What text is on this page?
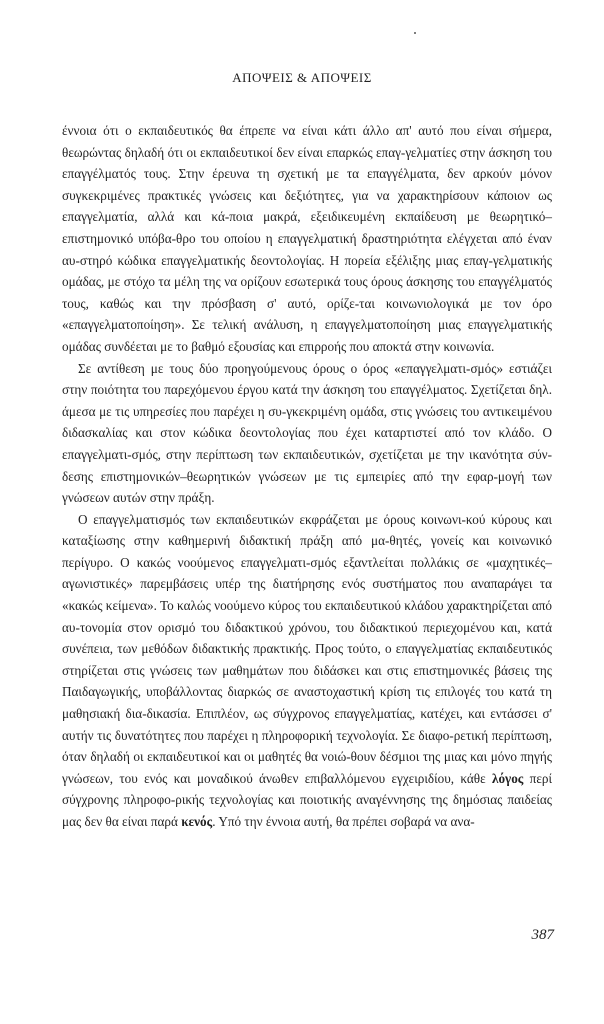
ΑΠΟΨΕΙΣ & ΑΠΟΨΕΙΣ

έννοια ότι ο εκπαιδευτικός θα έπρεπε να είναι κάτι άλλο απ' αυτό που είναι σήμερα, θεωρώντας δηλαδή ότι οι εκπαιδευτικοί δεν είναι επαρκώς επαγ-γελματίες στην άσκηση του επαγγέλματός τους. Στην έρευνα τη σχετική με τα επαγγέλματα, δεν αρκούν μόνον συγκεκριμένες πρακτικές γνώσεις και δεξιότητες, για να χαρακτηρίσουν κάποιον ως επαγγελματία, αλλά και κά-ποια μακρά, εξειδικευμένη εκπαίδευση με θεωρητικό–επιστημονικό υπόβα-θρο του οποίου η επαγγελματική δραστηριότητα ελέγχεται από έναν αυ-στηρό κώδικα επαγγελματικής δεοντολογίας. Η πορεία εξέλιξης μιας επαγ-γελματικής ομάδας, με στόχο τα μέλη της να ορίζουν εσωτερικά τους όρους άσκησης του επαγγέλματός τους, καθώς και την πρόσβαση σ' αυτό, ορίζε-ται κοινωνιολογικά με τον όρο «επαγγελματοποίηση». Σε τελική ανάλυση, η επαγγελματοποίηση μιας επαγγελματικής ομάδας συνδέεται με το βαθμό εξουσίας και επιρροής που αποκτά στην κοινωνία.

Σε αντίθεση με τους δύο προηγούμενους όρους ο όρος «επαγγελματι-σμός» εστιάζει στην ποιότητα του παρεχόμενου έργου κατά την άσκηση του επαγγέλματος. Σχετίζεται δηλ. άμεσα με τις υπηρεσίες που παρέχει η συ-γκεκριμένη ομάδα, στις γνώσεις του αντικειμένου διδασκαλίας και στον κώδικα δεοντολογίας που έχει καταρτιστεί από τον κλάδο. Ο επαγγελματι-σμός, στην περίπτωση των εκπαιδευτικών, σχετίζεται με την ικανότητα σύν-δεσης επιστημονικών–θεωρητικών γνώσεων με τις εμπειρίες από την εφαρ-μογή των γνώσεων αυτών στην πράξη.

Ο επαγγελματισμός των εκπαιδευτικών εκφράζεται με όρους κοινωνι-κού κύρους και καταξίωσης στην καθημερινή διδακτική πράξη από μα-θητές, γονείς και κοινωνικό περίγυρο. Ο κακώς νοούμενος επαγγελματι-σμός εξαντλείται πολλάκις σε «μαχητικές–αγωνιστικές» παρεμβάσεις υπέρ της διατήρησης ενός συστήματος που αναπαράγει τα «κακώς κείμενα». Το καλώς νοούμενο κύρος του εκπαιδευτικού κλάδου χαρακτηρίζεται από αυ-τονομία στον ορισμό του διδακτικού χρόνου, του διδακτικού περιεχομένου και, κατά συνέπεια, των μεθόδων διδακτικής πρακτικής. Προς τούτο, ο επαγγελματίας εκπαιδευτικός στηρίζεται στις γνώσεις των μαθημάτων που διδάσκει και στις επιστημονικές βάσεις της Παιδαγωγικής, υποβάλλοντας διαρκώς σε αναστοχαστική κρίση τις επιλογές του κατά τη μαθησιακή δια-δικασία. Επιπλέον, ως σύγχρονος επαγγελματίας, κατέχει, και εντάσσει σ' αυτήν τις δυνατότητες που παρέχει η πληροφορική τεχνολογία. Σε διαφο-ρετική περίπτωση, όταν δηλαδή οι εκπαιδευτικοί και οι μαθητές θα νοιώ-θουν δέσμιοι της μιας και μόνο πηγής γνώσεων, του ενός και μοναδικού άνωθεν επιβαλλόμενου εγχειριδίου, κάθε λόγος περί σύγχρονης πληροφο-ρικής τεχνολογίας και ποιοτικής αναγέννησης της δημόσιας παιδείας μας δεν θα είναι παρά κενός. Υπό την έννοια αυτή, θα πρέπει σοβαρά να ανα-

387
